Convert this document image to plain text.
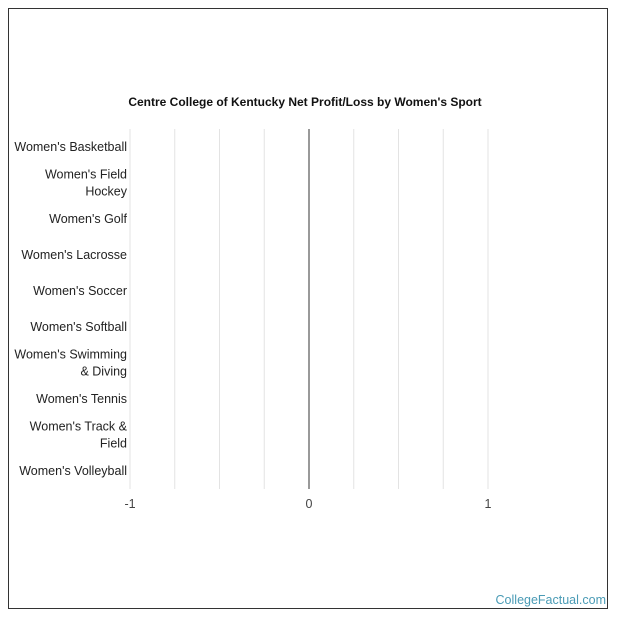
Centre College of Kentucky Net Profit/Loss by Women's Sport
Women's Basketball
Women's Field Hockey
Women's Golf
Women's Lacrosse
Women's Soccer
Women's Softball
Women's Swimming & Diving
Women's Tennis
Women's Track & Field
Women's Volleyball
-1	0	1
CollegeFactual.com
